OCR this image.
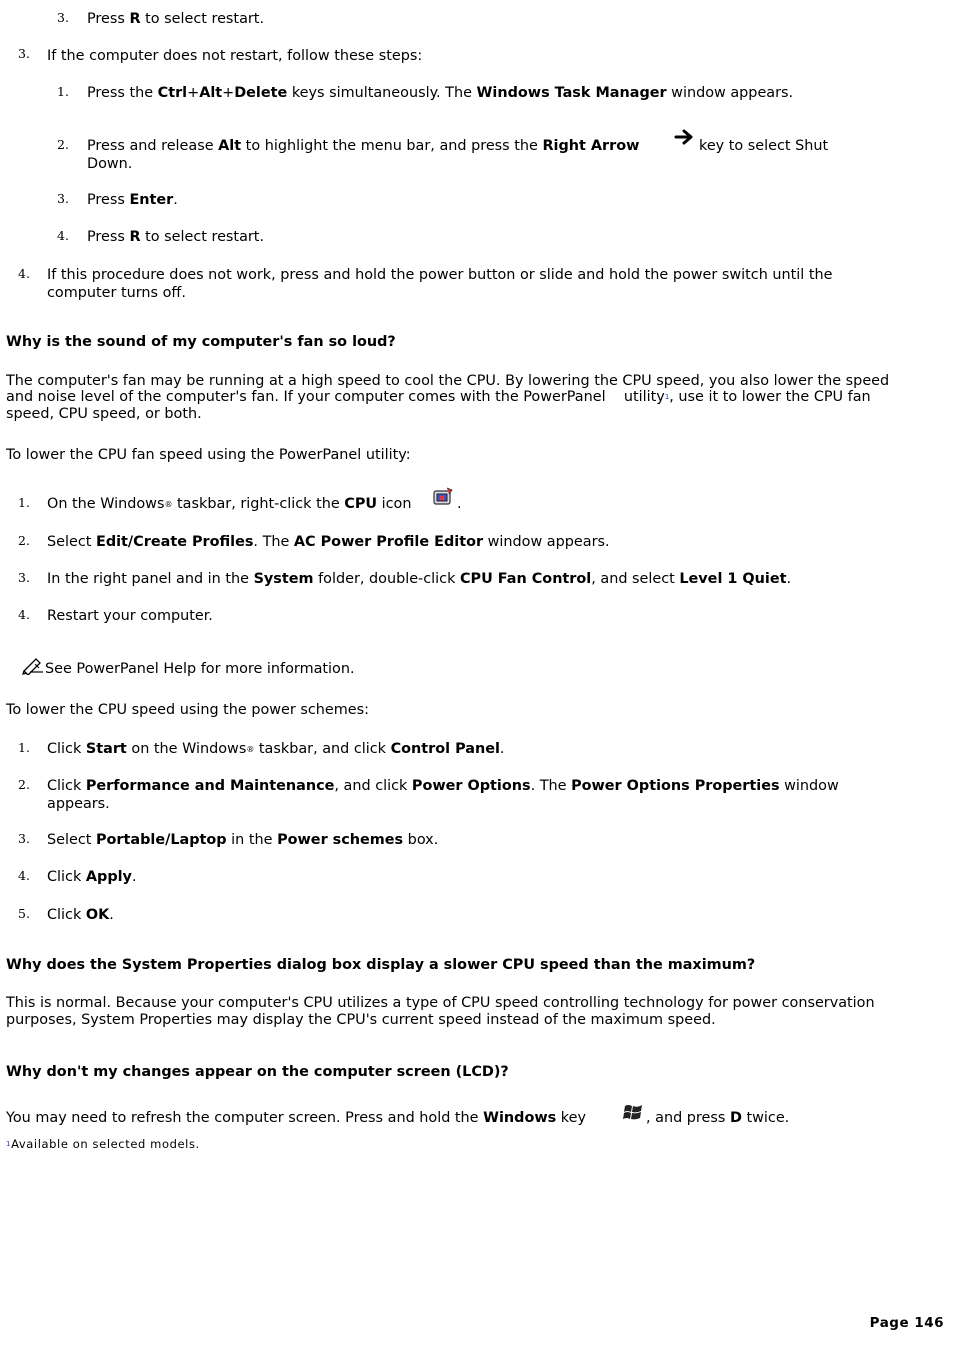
3. Press R to select restart.
3. If the computer does not restart, follow these steps:
1. Press the Ctrl+Alt+Delete keys simultaneously. The Windows Task Manager window appears.
2. Press and release Alt to highlight the menu bar, and press the Right Arrow	key to select Shut
Down.
3. Press Enter.
4. Press R to select restart.
4. If this procedure does not work, press and hold the power button or slide and hold the power switch until the
computer turns off.
Why is the sound of my computer's fan so loud?
The computer's fan may be running at a high speed to cool the CPU. By lowering the CPU speed, you also lower the speed
and noise level of the computer's fan. If your computer comes with the PowerPanel    utility1, use it to lower the CPU fan
speed, CPU speed, or both.
To lower the CPU fan speed using the PowerPanel utility:
1. On the Windows® taskbar, right-click the CPU icon	.
2. Select Edit/Create Profiles. The AC Power Profile Editor window appears.
3. In the right panel and in the System folder, double-click CPU Fan Control, and select Level 1 Quiet.
4. Restart your computer.
See PowerPanel Help for more information.
To lower the CPU speed using the power schemes:
1. Click Start on the Windows® taskbar, and click Control Panel.
2. Click Performance and Maintenance, and click Power Options. The Power Options Properties window
appears.
3. Select Portable/Laptop in the Power schemes box.
4. Click Apply.
5. Click OK.
Why does the System Properties dialog box display a slower CPU speed than the maximum?
This is normal. Because your computer's CPU utilizes a type of CPU speed controlling technology for power conservation
purposes, System Properties may display the CPU's current speed instead of the maximum speed.
Why don't my changes appear on the computer screen (LCD)?
You may need to refresh the computer screen. Press and hold the Windows key	, and press D twice.
1Available on selected models.
Page 146
